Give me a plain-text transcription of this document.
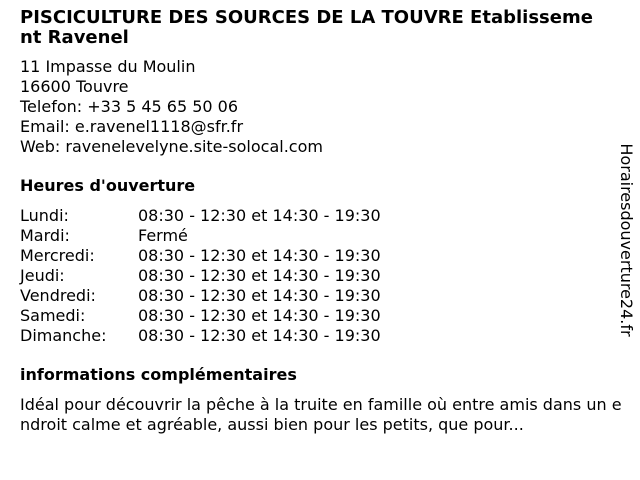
PISCICULTURE DES SOURCES DE LA TOUVRE Etablissement Ravenel
11 Impasse du Moulin
16600 Touvre
Telefon: +33 5 45 65 50 06
Email: e.ravenel1118@sfr.fr
Web: ravenelevelyne.site-solocal.com
Heures d'ouverture
Lundi:	08:30 - 12:30 et 14:30 - 19:30
Mardi:	Fermé
Mercredi:	08:30 - 12:30 et 14:30 - 19:30
Jeudi:	08:30 - 12:30 et 14:30 - 19:30
Vendredi:	08:30 - 12:30 et 14:30 - 19:30
Samedi:	08:30 - 12:30 et 14:30 - 19:30
Dimanche:	08:30 - 12:30 et 14:30 - 19:30
informations complémentaires
Idéal pour découvrir la pêche à la truite en famille où entre amis dans un endroit calme et agréable, aussi bien pour les petits, que pour...
Horairesdouverture24.fr
